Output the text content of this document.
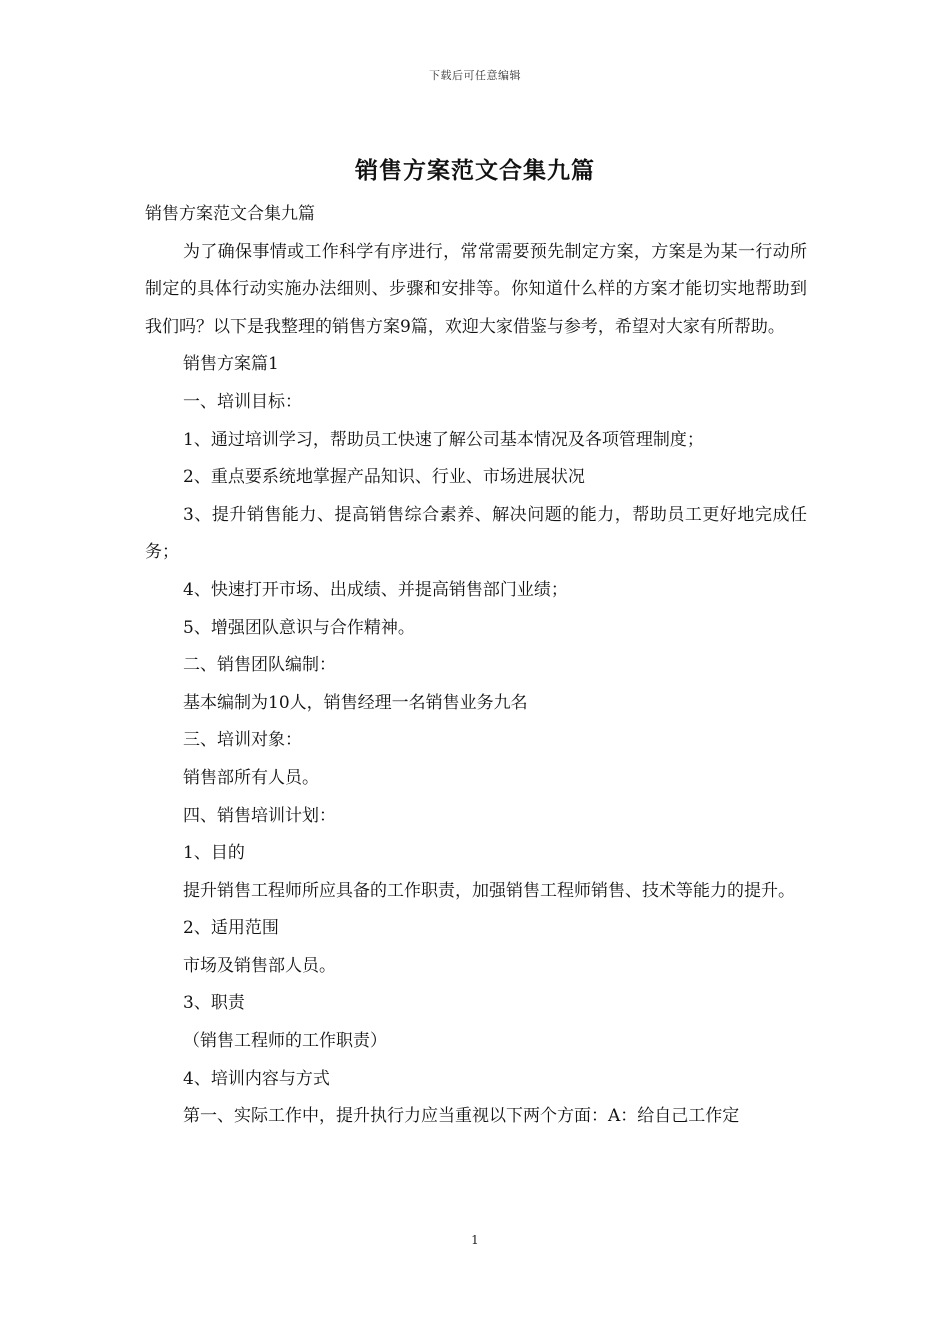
下载后可任意编辑
销售方案范文合集九篇

销售方案范文合集九篇

为了确保事情或工作科学有序进行，常常需要预先制定方案，方案是为某一行动所制定的具体行动实施办法细则、步骤和安排等。你知道什么样的方案才能切实地帮助到我们吗？以下是我整理的销售方案9篇，欢迎大家借鉴与参考，希望对大家有所帮助。

销售方案篇1

一、培训目标：

1、通过培训学习，帮助员工快速了解公司基本情况及各项管理制度；

2、重点要系统地掌握产品知识、行业、市场进展状况

3、提升销售能力、提高销售综合素养、解决问题的能力，帮助员工更好地完成任务；

4、快速打开市场、出成绩、并提高销售部门业绩；

5、增强团队意识与合作精神。

二、销售团队编制：

基本编制为10人，销售经理一名销售业务九名

三、培训对象：

销售部所有人员。

四、销售培训计划：

1、目的

提升销售工程师所应具备的工作职责，加强销售工程师销售、技术等能力的提升。

2、适用范围

市场及销售部人员。

3、职责

（销售工程师的工作职责）

4、培训内容与方式

第一、实际工作中，提升执行力应当重视以下两个方面：A：给自己工作定

1
